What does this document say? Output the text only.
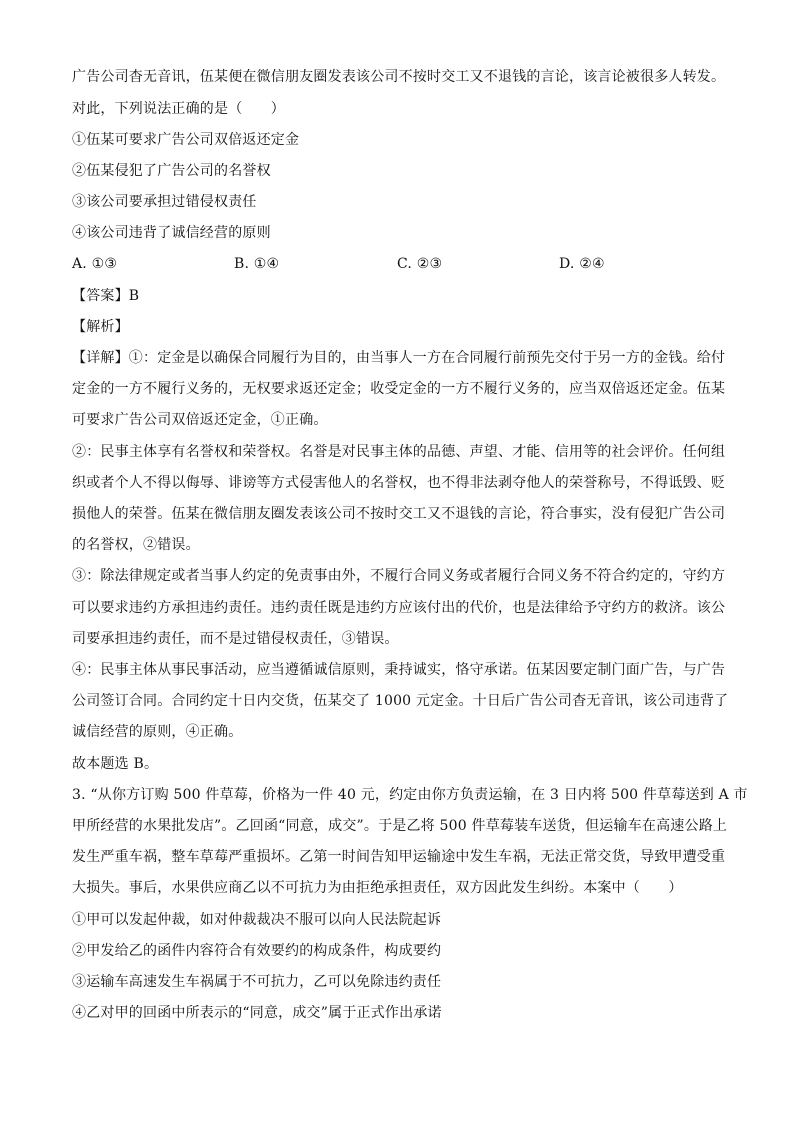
广告公司杳无音讯，伍某便在微信朋友圈发表该公司不按时交工又不退钱的言论，该言论被很多人转发。
对此，下列说法正确的是（　　）
①伍某可要求广告公司双倍返还定金
②伍某侵犯了广告公司的名誉权
③该公司要承担过错侵权责任
④该公司违背了诚信经营的原则
A. ①③	B. ①④	C. ②③	D. ②④
【答案】B
【解析】
【详解】①：定金是以确保合同履行为目的，由当事人一方在合同履行前预先交付于另一方的金钱。给付
定金的一方不履行义务的，无权要求返还定金；收受定金的一方不履行义务的，应当双倍返还定金。伍某
可要求广告公司双倍返还定金，①正确。
②：民事主体享有名誉权和荣誉权。名誉是对民事主体的品德、声望、才能、信用等的社会评价。任何组
织或者个人不得以侮辱、诽谤等方式侵害他人的名誉权，也不得非法剥夺他人的荣誉称号，不得诋毁、贬
损他人的荣誉。伍某在微信朋友圈发表该公司不按时交工又不退钱的言论，符合事实，没有侵犯广告公司
的名誉权，②错误。
③：除法律规定或者当事人约定的免责事由外，不履行合同义务或者履行合同义务不符合约定的，守约方
可以要求违约方承担违约责任。违约责任既是违约方应该付出的代价，也是法律给予守约方的救济。该公
司要承担违约责任，而不是过错侵权责任，③错误。
④：民事主体从事民事活动，应当遵循诚信原则，秉持诚实，恪守承诺。伍某因要定制门面广告，与广告
公司签订合同。合同约定十日内交货，伍某交了 1000 元定金。十日后广告公司杳无音讯，该公司违背了
诚信经营的原则，④正确。
故本题选 B。
3. “从你方订购 500 件草莓，价格为一件 40 元，约定由你方负责运输，在 3 日内将 500 件草莓送到 A 市
甲所经营的水果批发店”。乙回函“同意，成交”。于是乙将 500 件草莓装车送货，但运输车在高速公路上
发生严重车祸，整车草莓严重损坏。乙第一时间告知甲运输途中发生车祸，无法正常交货，导致甲遭受重
大损失。事后，水果供应商乙以不可抗力为由拒绝承担责任，双方因此发生纠纷。本案中（　　）
①甲可以发起仲裁，如对仲裁裁决不服可以向人民法院起诉
②甲发给乙的函件内容符合有效要约的构成条件，构成要约
③运输车高速发生车祸属于不可抗力，乙可以免除违约责任
④乙对甲的回函中所表示的“同意，成交”属于正式作出承诺
